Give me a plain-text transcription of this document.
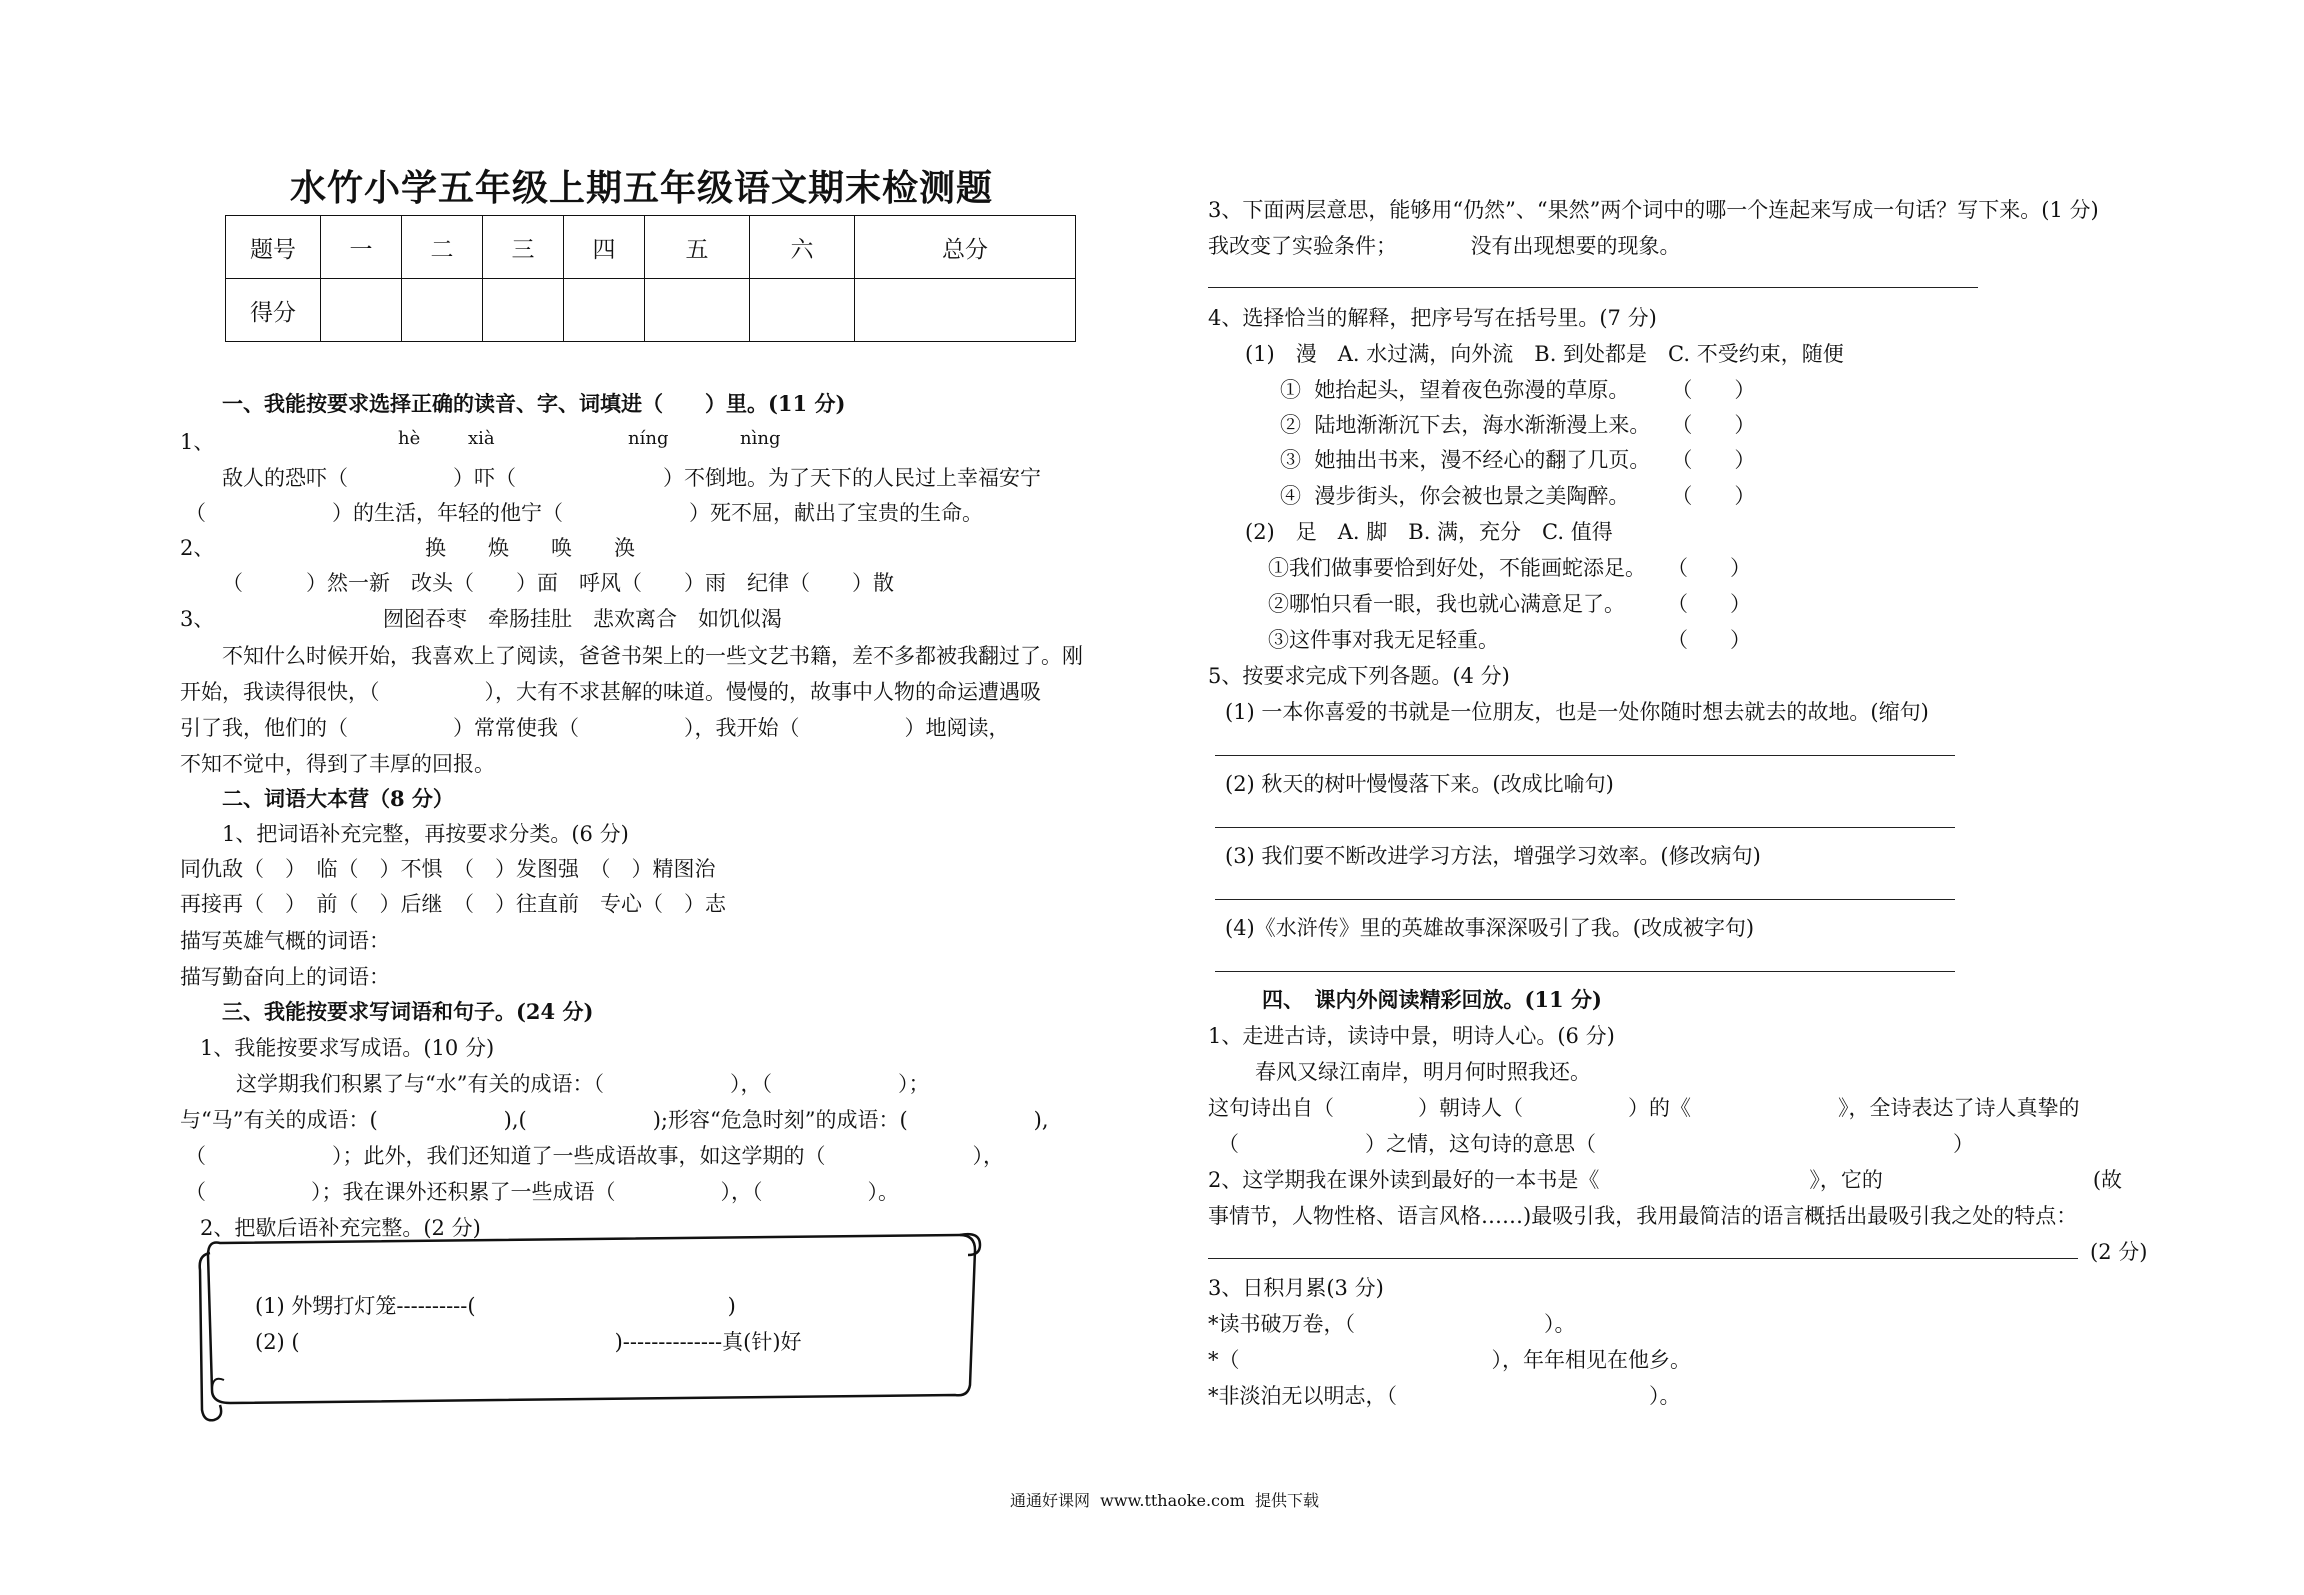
水竹小学五年级上期五年级语文期末检测题
题号	一	二	三	四	五	六	总分
得分							
一、我能按要求选择正确的读音、字、词填进（　　）里。(11 分)
1、	hè	xià	níng	nìng
敌人的恐吓（　　　　　）吓（　　　　　　　）不倒地。为了天下的人民过上幸福安宁
（　　　　　　）的生活，年轻的他宁（　　　　　　）死不屈，献出了宝贵的生命。
2、	换　　焕　　唤　　涣
（　　　）然一新　改头（　　）面　呼风（　　）雨　纪律（　　）散
3、	囫囵吞枣　牵肠挂肚　悲欢离合　如饥似渴
不知什么时候开始，我喜欢上了阅读，爸爸书架上的一些文艺书籍，差不多都被我翻过了。刚
开始，我读得很快，（　　　　　），大有不求甚解的味道。慢慢的，故事中人物的命运遭遇吸
引了我，他们的（　　　　　）常常使我（　　　　　），我开始（　　　　　）地阅读，
不知不觉中，得到了丰厚的回报。
二、词语大本营（8 分）
1、把词语补充完整，再按要求分类。(6 分)
同仇敌（　）　临（　）不惧　（　）发图强　（　）精图治
再接再（　）　前（　）后继　（　）往直前　专心（　）志
描写英雄气概的词语：
描写勤奋向上的词语：
三、我能按要求写词语和句子。(24 分)
1、我能按要求写成语。(10 分)
这学期我们积累了与“水”有关的成语：（　　　　　　），（　　　　　　）；
与“马”有关的成语：(　　　　　　),(　　　　　　);形容“危急时刻”的成语：(　　　　　　),
（　　　　　　）；此外，我们还知道了一些成语故事，如这学期的（　　　　　　　），
（　　　　　）；我在课外还积累了一些成语（　　　　　），（　　　　　）。
2、把歇后语补充完整。(2 分)
(1) 外甥打灯笼----------(　　　　　　　　　　　　)
(2) (　　　　　　　　　　　　　　　)--------------真(针)好
3、下面两层意思，能够用“仍然”、“果然”两个词中的哪一个连起来写成一句话？写下来。(1 分)
我改变了实验条件；　　　　没有出现想要的现象。
4、选择恰当的解释，把序号写在括号里。(7 分)
(1)　漫　A. 水过满，向外流　B. 到处都是　C. 不受约束，随便
①  她抬起头，望着夜色弥漫的草原。　　　（　　）
②  陆地渐渐沉下去，海水渐渐漫上来。　　（　　）
③  她抽出书来，漫不经心的翻了几页。　　（　　）
④  漫步街头，你会被也景之美陶醉。　　　（　　）
(2)　足　A. 脚　B. 满，充分　C. 值得
①我们做事要恰到好处，不能画蛇添足。　　（　　）
②哪怕只看一眼，我也就心满意足了。　　　（　　）
③这件事对我无足轻重。　　　　　　　　　（　　）
5、按要求完成下列各题。(4 分)
(1) 一本你喜爱的书就是一位朋友，也是一处你随时想去就去的故地。(缩句)
(2) 秋天的树叶慢慢落下来。(改成比喻句)
(3) 我们要不断改进学习方法，增强学习效率。(修改病句)
(4)《水浒传》里的英雄故事深深吸引了我。(改成被字句)
四、　课内外阅读精彩回放。(11 分)
1、走进古诗，读诗中景，明诗人心。(6 分)
春风又绿江南岸，明月何时照我还。
这句诗出自（　　　　）朝诗人（　　　　　）的《　　　　　　　》，全诗表达了诗人真挚的
（　　　　　　）之情，这句诗的意思（　　　　　　　　　　　　　　　　　）
2、这学期我在课外读到最好的一本书是《　　　　　　　　　　》，它的　　　　　　　　　　(故
事情节，人物性格、语言风格……)最吸引我，我用最简洁的语言概括出最吸引我之处的特点：
(2 分)
3、日积月累(3 分)
*读书破万卷，（　　　　　　　　　）。
*（　　　　　　　　　　　　），年年相见在他乡。
*非淡泊无以明志，（　　　　　　　　　　　　）。
通通好课网  www.tthaoke.com  提供下载
